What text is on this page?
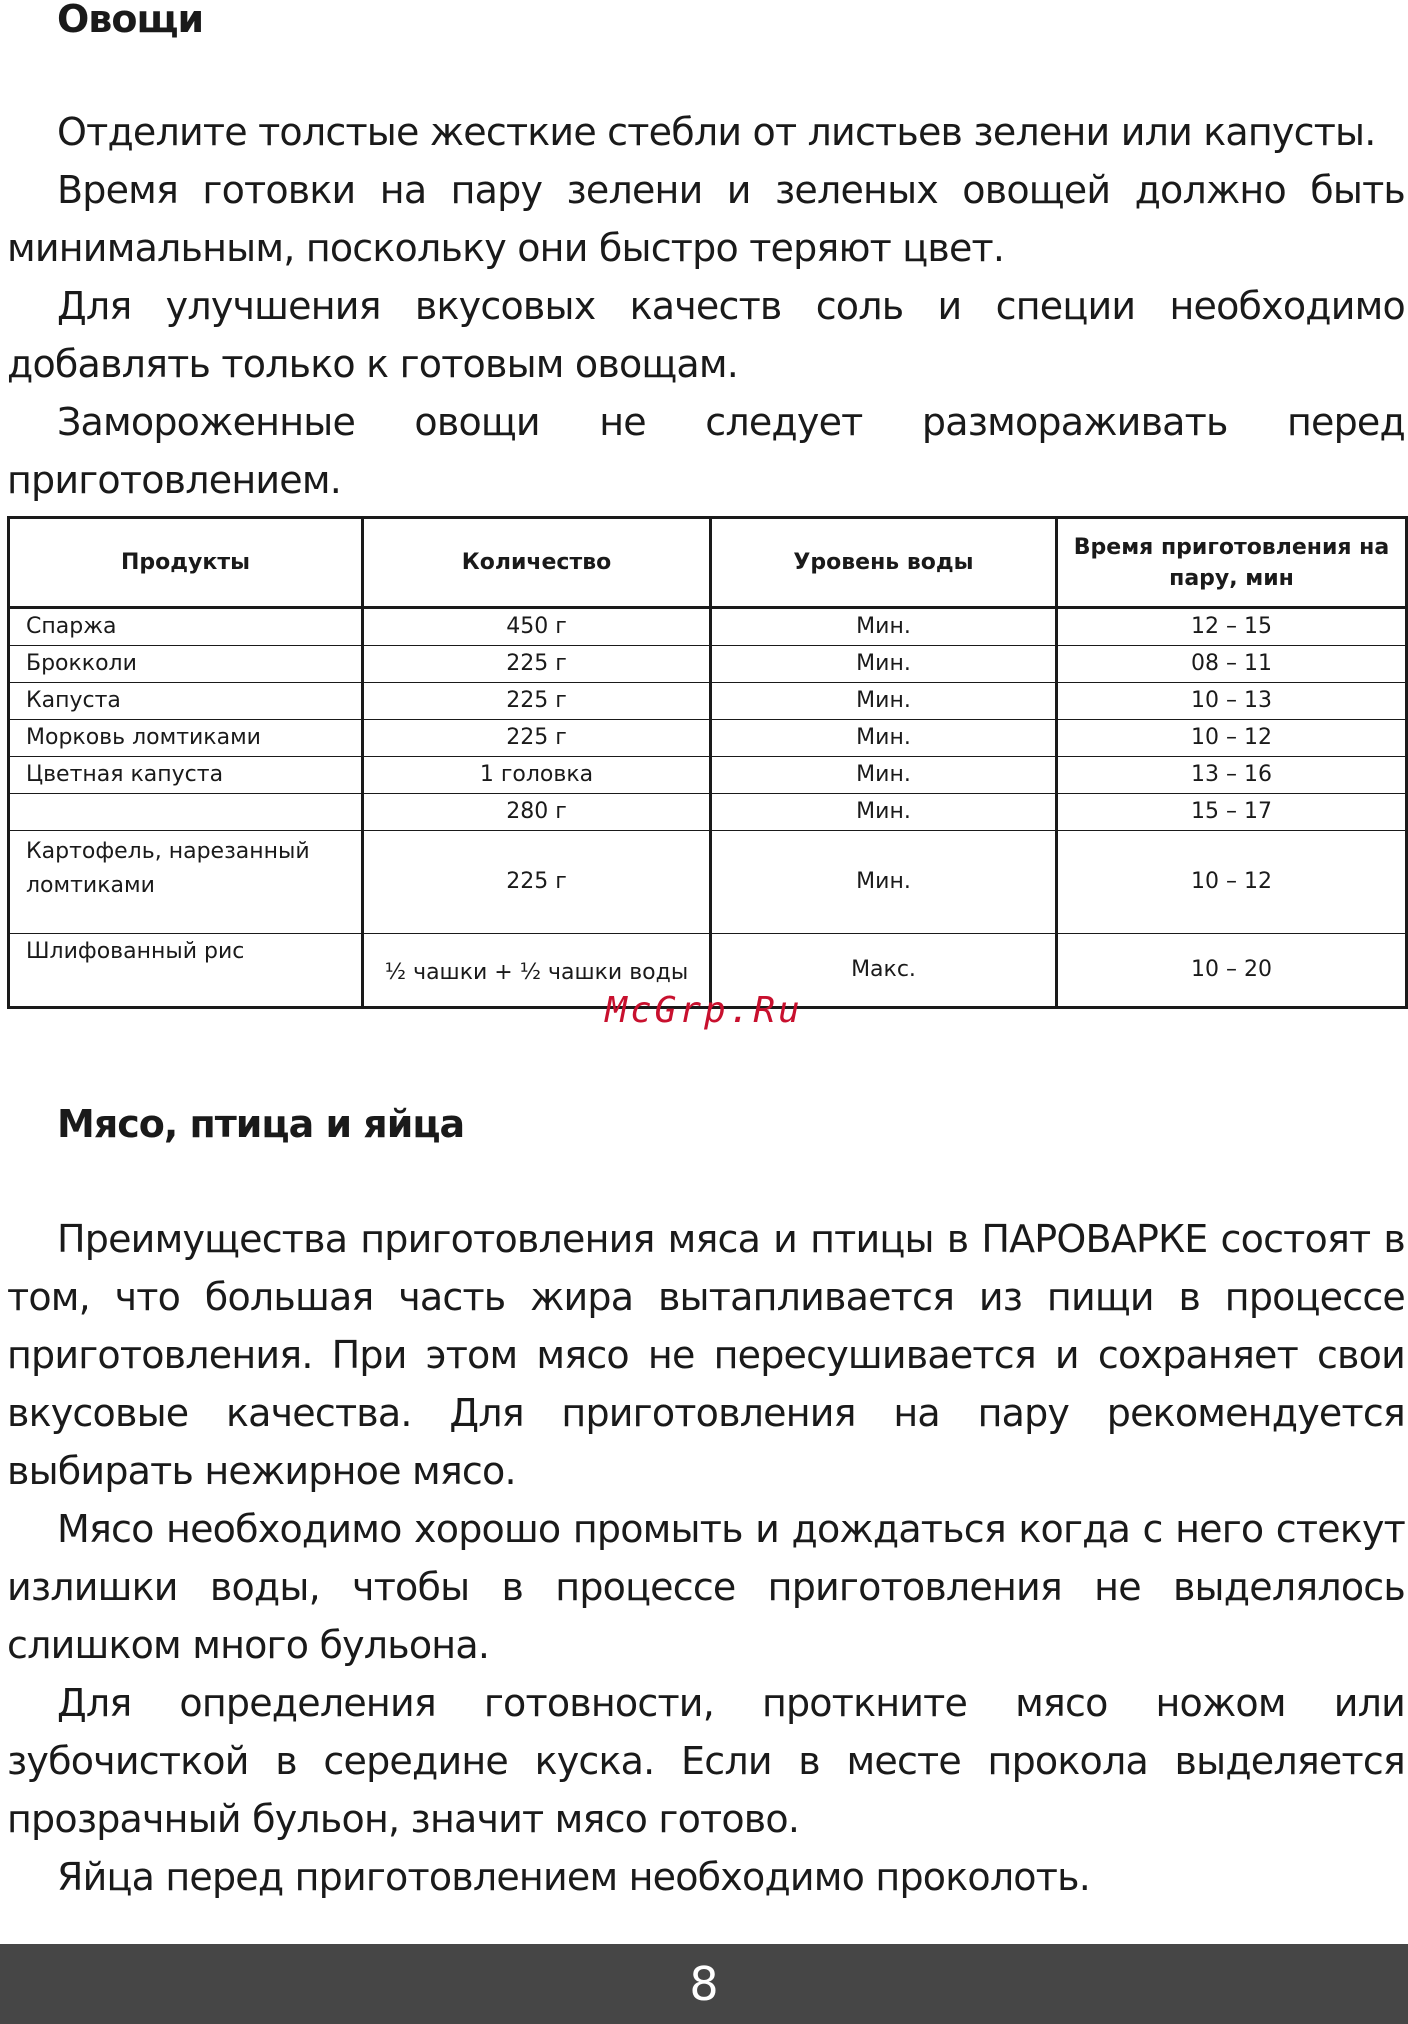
Овощи

Отделите толстые жесткие стебли от листьев зелени или капусты.

Время готовки на пару зелени и зеленых овощей должно быть минимальным, поскольку они быстро теряют цвет.

Для улучшения вкусовых качеств соль и специи необходимо добавлять только к готовым овощам.

Замороженные овощи не следует размораживать перед приготовлением.

Продукты	Количество	Уровень воды	Время приготовления на пару, мин
Спаржа	450 г	Мин.	12 – 15
Брокколи	225 г	Мин.	08 – 11
Капуста	225 г	Мин.	10 – 13
Морковь ломтиками	225 г	Мин.	10 – 12
Цветная капуста	1 головка	Мин.	13 – 16
	280 г	Мин.	15 – 17
Картофель, нарезанный ломтиками	225 г	Мин.	10 – 12
Шлифованный рис	½ чашки + ½ чашки воды	Макс.	10 – 20
McGrp.Ru
Мясо, птица и яйца

Преимущества приготовления мяса и птицы в ПАРОВАРКЕ состоят в том, что большая часть жира вытапливается из пищи в процессе приготовления. При этом мясо не пересушивается и сохраняет свои вкусовые качества. Для приготовления на пару рекомендуется выбирать нежирное мясо.

Мясо необходимо хорошо промыть и дождаться когда с него стекут излишки воды, чтобы в процессе приготовления не выделялось слишком много бульона.

Для определения готовности, проткните мясо ножом или зубочисткой в середине куска. Если в месте прокола выделяется прозрачный бульон, значит мясо готово.

Яйца перед приготовлением необходимо проколоть.

8
